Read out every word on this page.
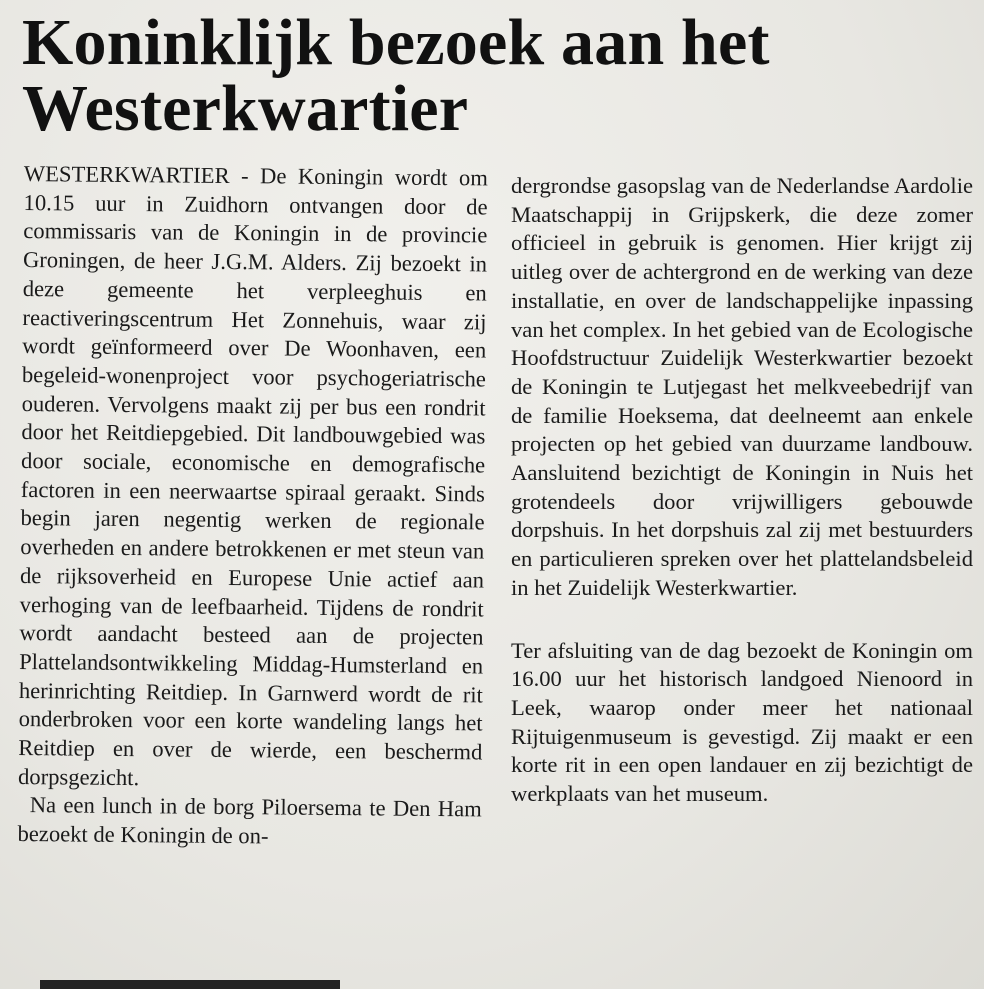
Koninklijk bezoek aan het
Westerkwartier

WESTERKWARTIER - De Koningin wordt om 10.15 uur in Zuidhorn ontvangen door de commissaris van de Koningin in de provincie Groningen, de heer J.G.M. Alders. Zij bezoekt in deze gemeente het verpleeghuis en reactiveringscentrum Het Zonnehuis, waar zij wordt geïnformeerd over De Woonhaven, een begeleid-wonenproject voor psychogeriatrische ouderen. Vervolgens maakt zij per bus een rondrit door het Reitdiepgebied. Dit landbouwgebied was door sociale, economische en demografische factoren in een neerwaartse spiraal geraakt. Sinds begin jaren negentig werken de regionale overheden en andere betrokkenen er met steun van de rijksoverheid en Europese Unie actief aan verhoging van de leefbaarheid. Tijdens de rondrit wordt aandacht besteed aan de projecten Plattelandsontwikkeling Middag-Humsterland en herinrichting Reitdiep. In Garnwerd wordt de rit onderbroken voor een korte wandeling langs het Reitdiep en over de wierde, een beschermd dorpsgezicht.

Na een lunch in de borg Piloersema te Den Ham bezoekt de Koningin de on-

dergrondse gasopslag van de Nederlandse Aardolie Maatschappij in Grijpskerk, die deze zomer officieel in gebruik is genomen. Hier krijgt zij uitleg over de achtergrond en de werking van deze installatie, en over de landschappelijke inpassing van het complex. In het gebied van de Ecologische Hoofdstructuur Zuidelijk Westerkwartier bezoekt de Koningin te Lutjegast het melkveebedrijf van de familie Hoeksema, dat deelneemt aan enkele projecten op het gebied van duurzame landbouw. Aansluitend bezichtigt de Koningin in Nuis het grotendeels door vrijwilligers gebouwde dorpshuis. In het dorpshuis zal zij met bestuurders en particulieren spreken over het plattelandsbeleid in het Zuidelijk Westerkwartier.

Ter afsluiting van de dag bezoekt de Koningin om 16.00 uur het historisch landgoed Nienoord in Leek, waarop onder meer het nationaal Rijtuigenmuseum is gevestigd. Zij maakt er een korte rit in een open landauer en zij bezichtigt de werkplaats van het museum.
